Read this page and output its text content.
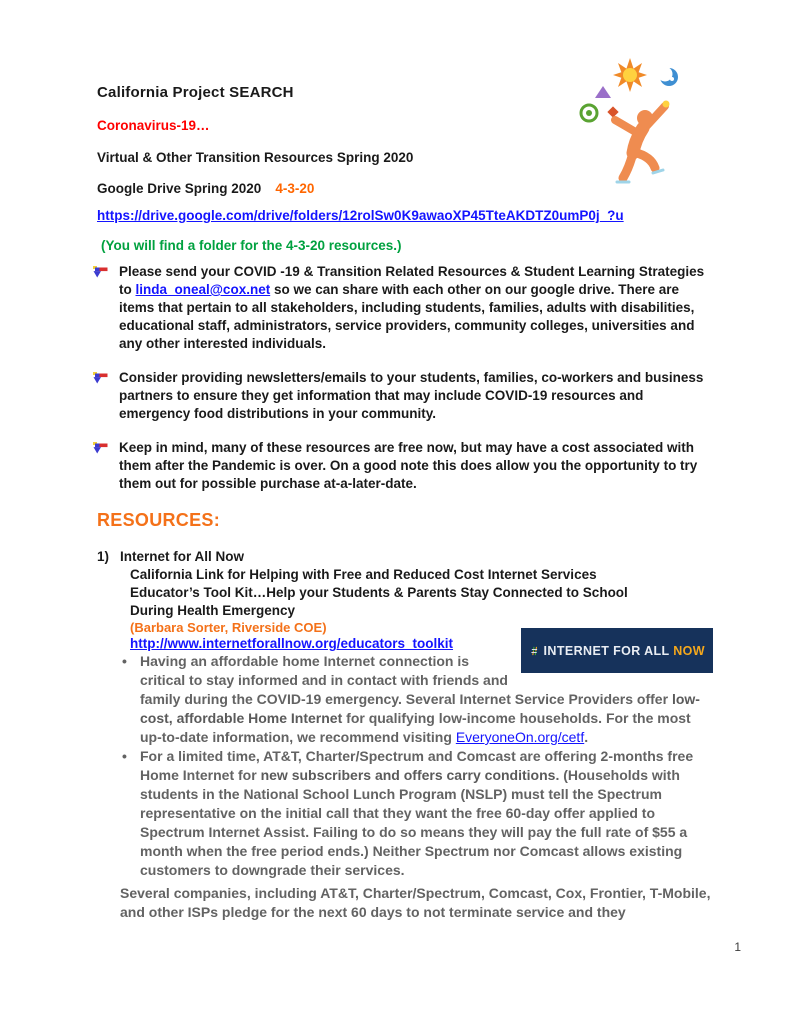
California Project SEARCH
Coronavirus-19…
Virtual & Other Transition Resources Spring 2020
Google Drive Spring 2020 4-3-20
https://drive.google.com/drive/folders/12rolSw0K9awaoXP45TteAKDTZ0umP0j_?u
(You will find a folder for the 4-3-20 resources.)
Please send your COVID -19 & Transition Related Resources & Student Learning Strategies to linda_oneal@cox.net so we can share with each other on our google drive. There are items that pertain to all stakeholders, including students, families, adults with disabilities, educational staff, administrators, service providers, community colleges, universities and any other interested individuals.
Consider providing newsletters/emails to your students, families, co-workers and business partners to ensure they get information that may include COVID-19 resources and emergency food distributions in your community.
Keep in mind, many of these resources are free now, but may have a cost associated with them after the Pandemic is over. On a good note this does allow you the opportunity to try them out for possible purchase at-a-later-date.
RESOURCES:
1) Internet for All Now
California Link for Helping with Free and Reduced Cost Internet Services
Educator’s Tool Kit…Help your Students & Parents Stay Connected to School
During Health Emergency
INTERNET FOR ALL NOW
(Barbara Sorter, Riverside COE)
http://www.internetforallnow.org/educators_toolkit
• Having an affordable home Internet connection is critical to stay informed and in contact with friends and family during the COVID-19 emergency. Several Internet Service Providers offer low-cost, affordable Home Internet for qualifying low-income households. For the most up-to-date information, we recommend visiting EveryoneOn.org/cetf.
• For a limited time, AT&T, Charter/Spectrum and Comcast are offering 2-months free Home Internet for new subscribers and offers carry conditions. (Households with students in the National School Lunch Program (NSLP) must tell the Spectrum representative on the initial call that they want the free 60-day offer applied to Spectrum Internet Assist. Failing to do so means they will pay the full rate of $55 a month when the free period ends.) Neither Spectrum nor Comcast allows existing customers to downgrade their services.
Several companies, including AT&T, Charter/Spectrum, Comcast, Cox, Frontier, T-Mobile, and other ISPs pledge for the next 60 days to not terminate service and they
1
